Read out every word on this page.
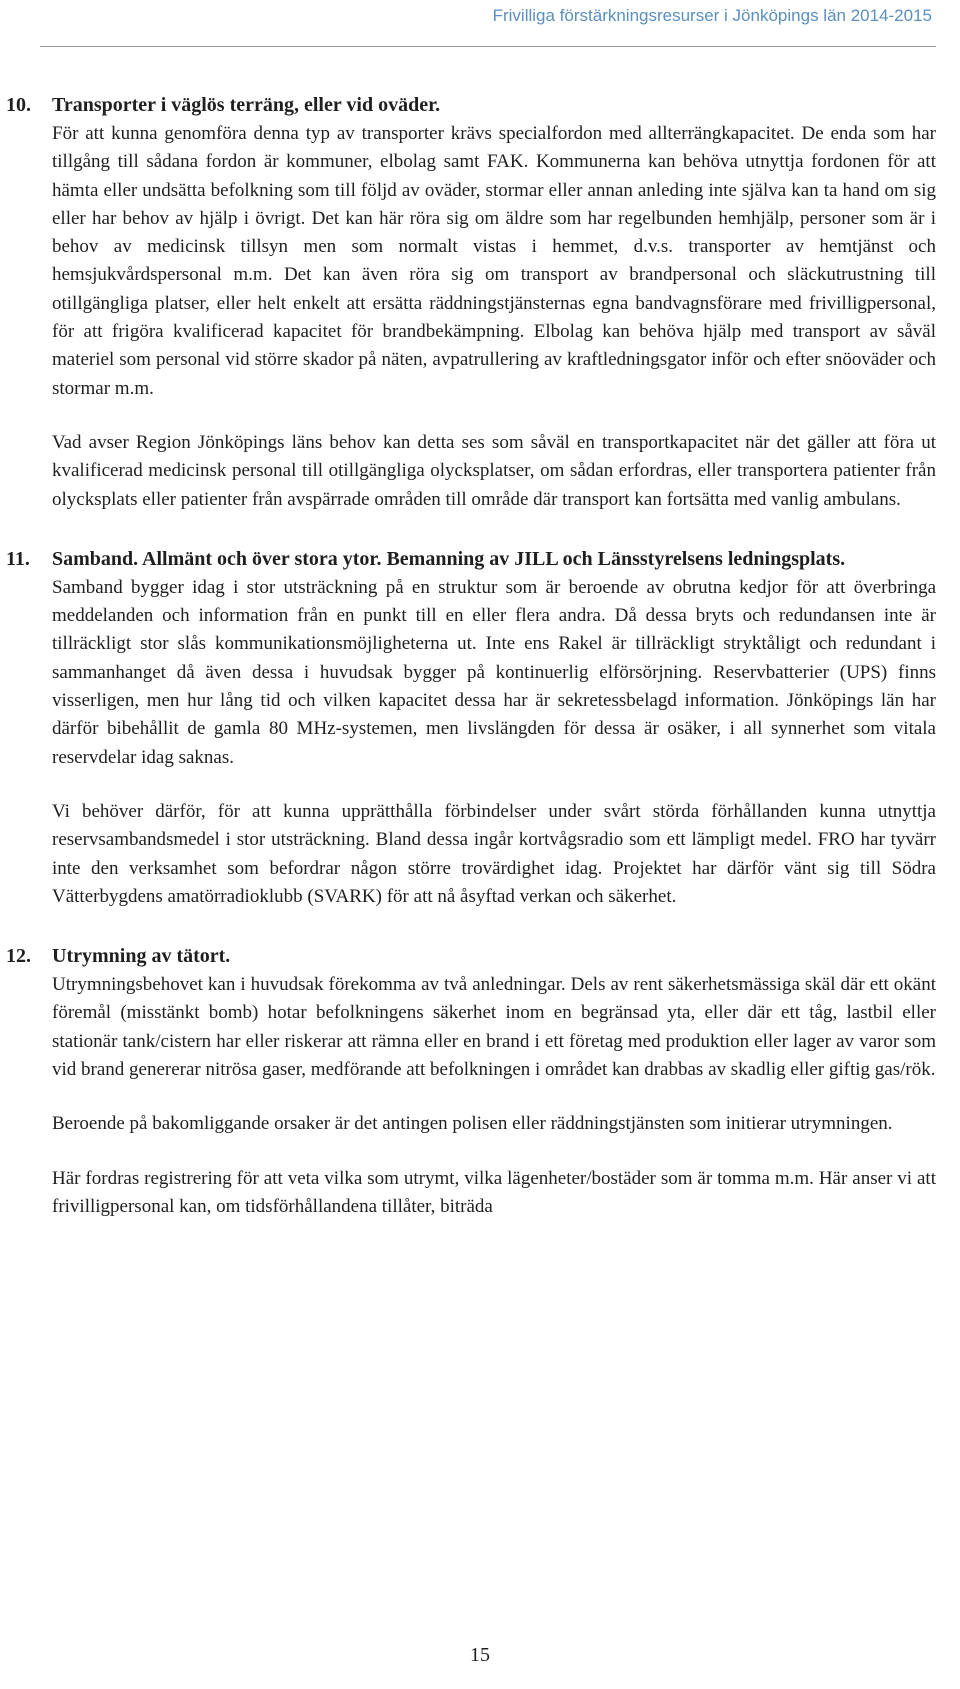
Frivilliga förstärkningsresurser i Jönköpings län 2014-2015
10.	Transporter i väglös terräng, eller vid oväder.

För att kunna genomföra denna typ av transporter krävs specialfordon med allterrängkapacitet. De enda som har tillgång till sådana fordon är kommuner, elbolag samt FAK. Kommunerna kan behöva utnyttja fordonen för att hämta eller undsätta befolkning som till följd av oväder, stormar eller annan anleding inte själva kan ta hand om sig eller har behov av hjälp i övrigt. Det kan här röra sig om äldre som har regelbunden hemhjälp, personer som är i behov av medicinsk tillsyn men som normalt vistas i hemmet, d.v.s. transporter av hemtjänst och hemsjukvårdspersonal m.m. Det kan även röra sig om transport av brandpersonal och släckutrustning till otillgängliga platser, eller helt enkelt att ersätta räddningstjänsternas egna bandvagnsförare med frivilligpersonal, för att frigöra kvalificerad kapacitet för brandbekämpning. Elbolag kan behöva hjälp med transport av såväl materiel som personal vid större skador på näten, avpatrullering av kraftledningsgator inför och efter snöoväder och stormar m.m.

Vad avser Region Jönköpings läns behov kan detta ses som såväl en transportkapacitet när det gäller att föra ut kvalificerad medicinsk personal till otillgängliga olycksplatser, om sådan erfordras, eller transportera patienter från olycksplats eller patienter från avspärrade områden till område där transport kan fortsätta med vanlig ambulans.

11.	Samband. Allmänt och över stora ytor. Bemanning av JILL och Länsstyrelsens ledningsplats.

Samband bygger idag i stor utsträckning på en struktur som är beroende av obrutna kedjor för att överbringa meddelanden och information från en punkt till en eller flera andra. Då dessa bryts och redundansen inte är tillräckligt stor slås kommunikationsmöjligheterna ut. Inte ens Rakel är tillräckligt stryktåligt och redundant i sammanhanget då även dessa i huvudsak bygger på kontinuerlig elförsörjning. Reservbatterier (UPS) finns visserligen, men hur lång tid och vilken kapacitet dessa har är sekretessbelagd information. Jönköpings län har därför bibehållit de gamla 80 MHz-systemen, men livslängden för dessa är osäker, i all synnerhet som vitala reservdelar idag saknas.

Vi behöver därför, för att kunna upprätthålla förbindelser under svårt störda förhållanden kunna utnyttja reservsambandsmedel i stor utsträckning. Bland dessa ingår kortvågsradio som ett lämpligt medel. FRO har tyvärr inte den verksamhet som befordrar någon större trovärdighet idag. Projektet har därför vänt sig till Södra Vätterbygdens amatörradioklubb (SVARK) för att nå åsyftad verkan och säkerhet.

12.	Utrymning av tätort.

Utrymningsbehovet kan i huvudsak förekomma av två anledningar. Dels av rent säkerhetsmässiga skäl där ett okänt föremål (misstänkt bomb) hotar befolkningens säkerhet inom en begränsad yta, eller där ett tåg, lastbil eller stationär tank/cistern har eller riskerar att rämna eller en brand i ett företag med produktion eller lager av varor som vid brand genererar nitrösa gaser, medförande att befolkningen i området kan drabbas av skadlig eller giftig gas/rök.

Beroende på bakomliggande orsaker är det antingen polisen eller räddningstjänsten som initierar utrymningen.

Här fordras registrering för att veta vilka som utrymt, vilka lägenheter/bostäder som är tomma m.m. Här anser vi att frivilligpersonal kan, om tidsförhållandena tillåter, biträda

15
